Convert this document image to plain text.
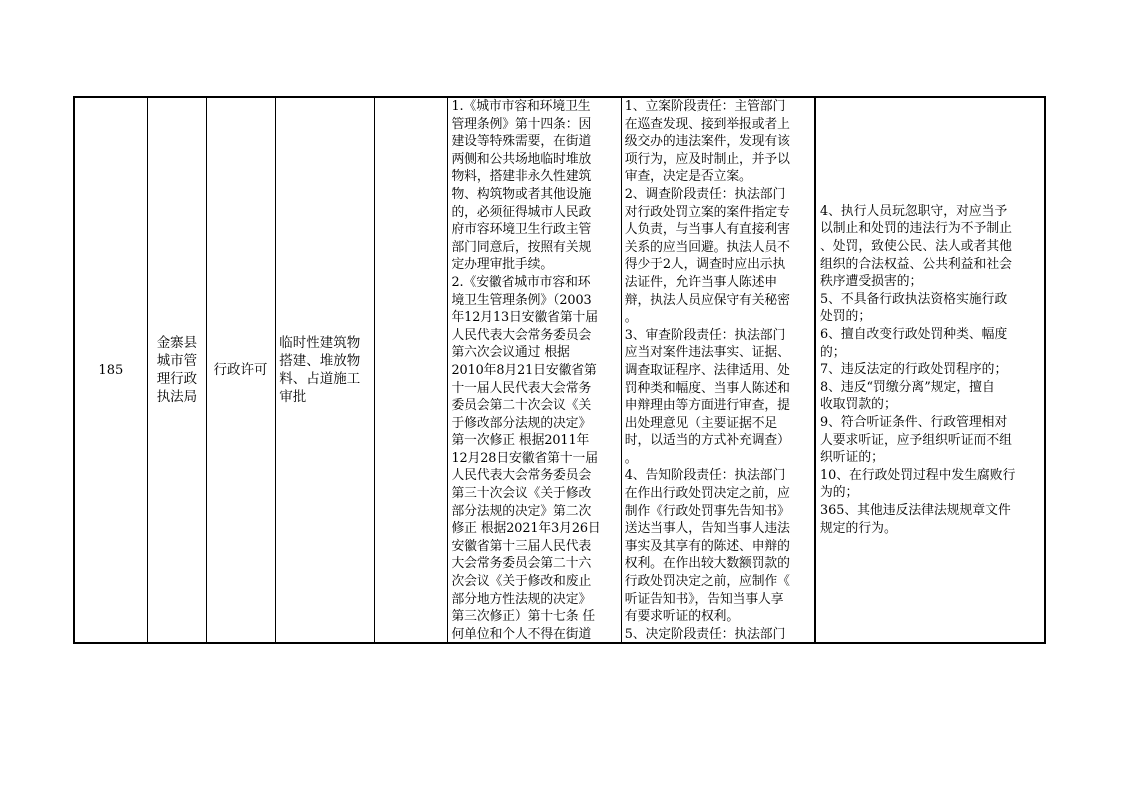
185
金寨县
城市管
理行政
执法局
行政许可
临时性建筑物
搭建、堆放物
料、占道施工
审批
1.《城市市容和环境卫生
管理条例》第十四条：因
建设等特殊需要，在街道
两侧和公共场地临时堆放
物料，搭建非永久性建筑
物、构筑物或者其他设施
的，必须征得城市人民政
府市容环境卫生行政主管
部门同意后，按照有关规
定办理审批手续。
2.《安徽省城市市容和环
境卫生管理条例》（2003
年12月13日安徽省第十届
人民代表大会常务委员会
第六次会议通过 根据
2010年8月21日安徽省第
十一届人民代表大会常务
委员会第二十次会议《关
于修改部分法规的决定》
第一次修正 根据2011年
12月28日安徽省第十一届
人民代表大会常务委员会
第三十次会议《关于修改
部分法规的决定》第二次
修正 根据2021年3月26日
安徽省第十三届人民代表
大会常务委员会第二十六
次会议《关于修改和废止
部分地方性法规的决定》
第三次修正）第十七条 任
何单位和个人不得在街道
1、立案阶段责任：主管部门
在巡查发现、接到举报或者上
级交办的违法案件，发现有该
项行为，应及时制止，并予以
审查，决定是否立案。
2、调查阶段责任：执法部门
对行政处罚立案的案件指定专
人负责，与当事人有直接利害
关系的应当回避。执法人员不
得少于2人，调查时应出示执
法证件，允许当事人陈述申
辩，执法人员应保守有关秘密
。
3、审查阶段责任：执法部门
应当对案件违法事实、证据、
调查取证程序、法律适用、处
罚种类和幅度、当事人陈述和
申辩理由等方面进行审查，提
出处理意见（主要证据不足
时，以适当的方式补充调查）
。
4、告知阶段责任：执法部门
在作出行政处罚决定之前，应
制作《行政处罚事先告知书》
送达当事人，告知当事人违法
事实及其享有的陈述、申辩的
权利。在作出较大数额罚款的
行政处罚决定之前，应制作《
听证告知书》，告知当事人享
有要求听证的权利。
5、决定阶段责任：执法部门
4、执行人员玩忽职守，对应当予
以制止和处罚的违法行为不予制止
、处罚，致使公民、法人或者其他
组织的合法权益、公共利益和社会
秩序遭受损害的；
5、不具备行政执法资格实施行政
处罚的；
6、擅自改变行政处罚种类、幅度
的；
7、违反法定的行政处罚程序的；
8、违反“罚缴分离”规定，擅自
收取罚款的；
9、符合听证条件、行政管理相对
人要求听证，应予组织听证而不组
织听证的；
10、在行政处罚过程中发生腐败行
为的；
365、其他违反法律法规规章文件
规定的行为。
